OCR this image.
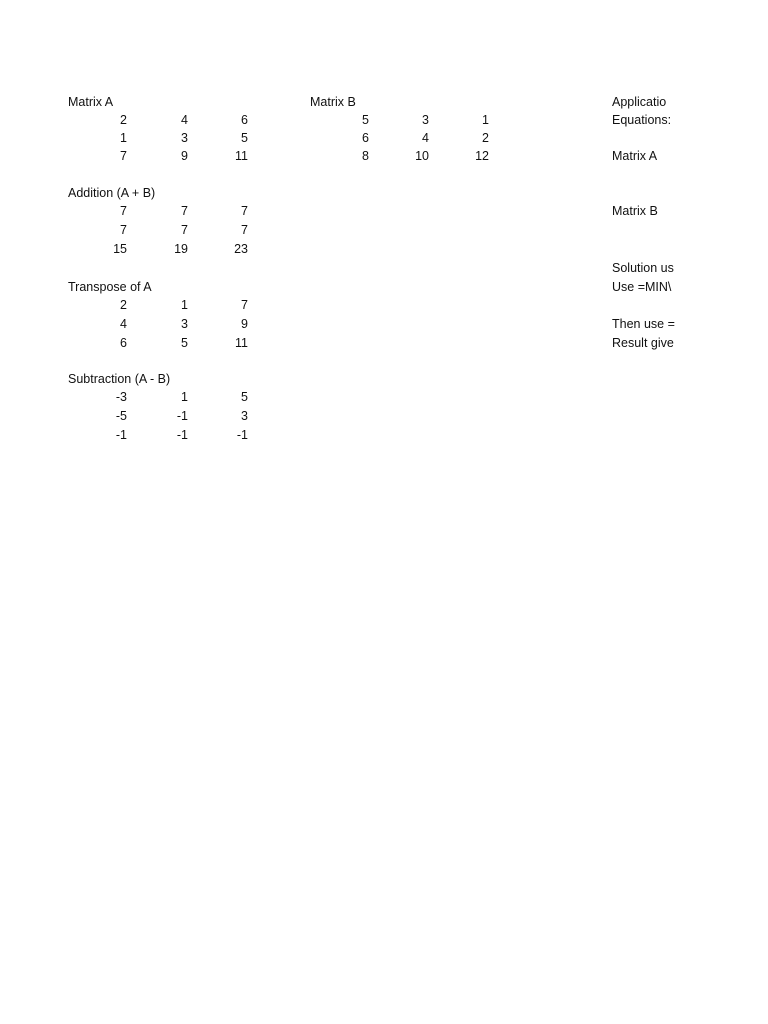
Matrix A
2	4	6
1	3	5
7	9	11
Matrix B
5	3	1
6	4	2
8	10	12
Addition (A + B)
7	7	7
7	7	7
15	19	23
Transpose of A
2	1	7
4	3	9
6	5	11
Subtraction (A - B)
-3	1	5
-5	-1	3
-1	-1	-1
Applicatio
Equations:
Matrix A
Matrix B
Solution us
Use =MIN\
Then use =
Result give
